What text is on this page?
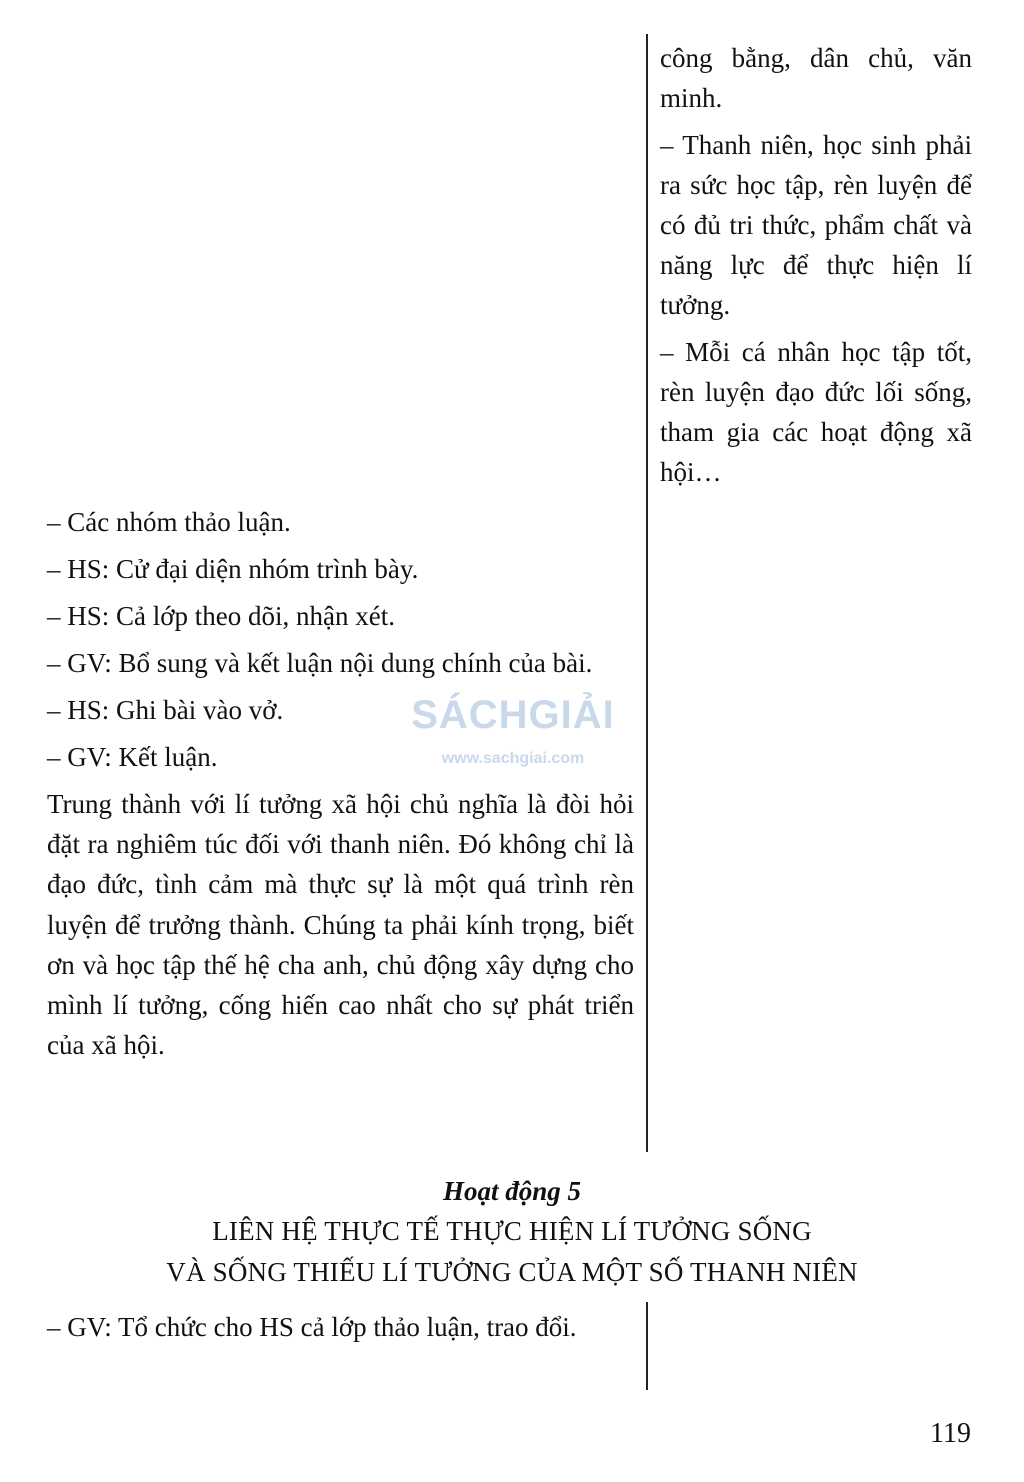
công bằng, dân chủ, văn minh.

– Thanh niên, học sinh phải ra sức học tập, rèn luyện để có đủ tri thức, phẩm chất và năng lực để thực hiện lí tưởng.

– Mỗi cá nhân học tập tốt, rèn luyện đạo đức lối sống, tham gia các hoạt động xã hội…

SÁCHGIẢI
www.sachgiai.com

– Các nhóm thảo luận.

– HS: Cử đại diện nhóm trình bày.

– HS: Cả lớp theo dõi, nhận xét.

– GV: Bổ sung và kết luận nội dung chính của bài.

– HS: Ghi bài vào vở.

– GV: Kết luận.

Trung thành với lí tưởng xã hội chủ nghĩa là đòi hỏi đặt ra nghiêm túc đối với thanh niên. Đó không chỉ là đạo đức, tình cảm mà thực sự là một quá trình rèn luyện để trưởng thành. Chúng ta phải kính trọng, biết ơn và học tập thế hệ cha anh, chủ động xây dựng cho mình lí tưởng, cống hiến cao nhất cho sự phát triển của xã hội.

Hoạt động 5
LIÊN HỆ THỰC TẾ THỰC HIỆN LÍ TƯỞNG SỐNG
VÀ SỐNG THIẾU LÍ TƯỞNG CỦA MỘT SỐ THANH NIÊN

– GV: Tổ chức cho HS cả lớp thảo luận, trao đổi.

119
